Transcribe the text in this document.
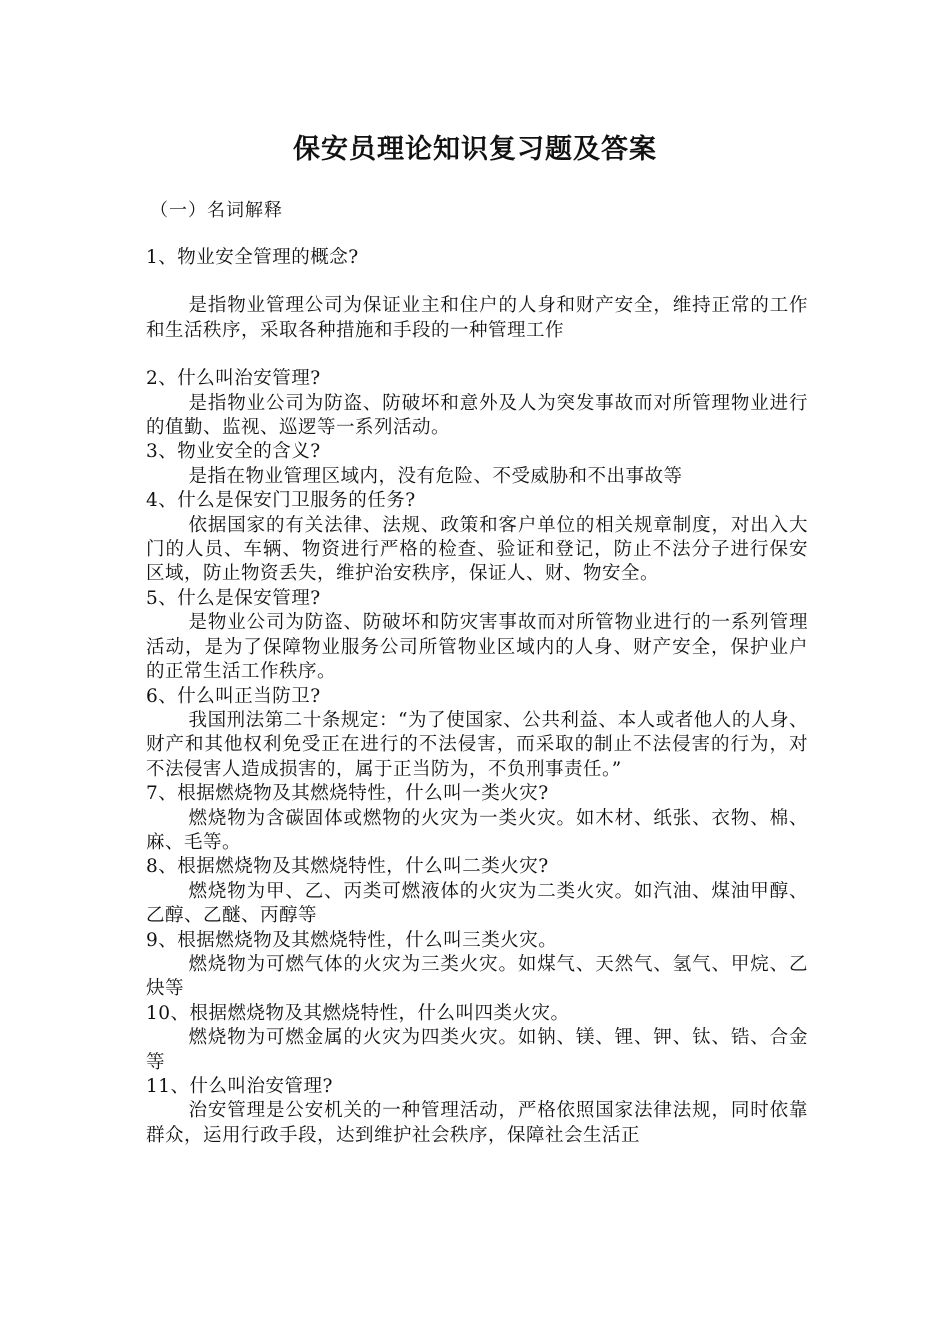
保安员理论知识复习题及答案
（一）名词解释

1、物业安全管理的概念?

是指物业管理公司为保证业主和住户的人身和财产安全，维持正常的工作和生活秩序，采取各种措施和手段的一种管理工作

2、什么叫治安管理?

是指物业公司为防盗、防破坏和意外及人为突发事故而对所管理物业进行的值勤、监视、巡逻等一系列活动。

3、物业安全的含义?

是指在物业管理区域内，没有危险、不受威胁和不出事故等

4、什么是保安门卫服务的任务?

依据国家的有关法律、法规、政策和客户单位的相关规章制度，对出入大门的人员、车辆、物资进行严格的检查、验证和登记，防止不法分子进行保安区域，防止物资丢失，维护治安秩序，保证人、财、物安全。

5、什么是保安管理?

是物业公司为防盗、防破坏和防灾害事故而对所管物业进行的一系列管理活动，是为了保障物业服务公司所管物业区域内的人身、财产安全，保护业户的正常生活工作秩序。

6、什么叫正当防卫?

我国刑法第二十条规定：“为了使国家、公共利益、本人或者他人的人身、财产和其他权利免受正在进行的不法侵害，而采取的制止不法侵害的行为，对不法侵害人造成损害的，属于正当防为，不负刑事责任。”

7、根据燃烧物及其燃烧特性，什么叫一类火灾?

燃烧物为含碳固体或燃物的火灾为一类火灾。如木材、纸张、衣物、棉、麻、毛等。

8、根据燃烧物及其燃烧特性，什么叫二类火灾?

燃烧物为甲、乙、丙类可燃液体的火灾为二类火灾。如汽油、煤油甲醇、乙醇、乙醚、丙醇等

9、根据燃烧物及其燃烧特性，什么叫三类火灾。

燃烧物为可燃气体的火灾为三类火灾。如煤气、天然气、氢气、甲烷、乙炔等

10、根据燃烧物及其燃烧特性，什么叫四类火灾。

燃烧物为可燃金属的火灾为四类火灾。如钠、镁、锂、钾、钛、锆、合金等

11、什么叫治安管理?

治安管理是公安机关的一种管理活动，严格依照国家法律法规，同时依靠群众，运用行政手段，达到维护社会秩序，保障社会生活正
